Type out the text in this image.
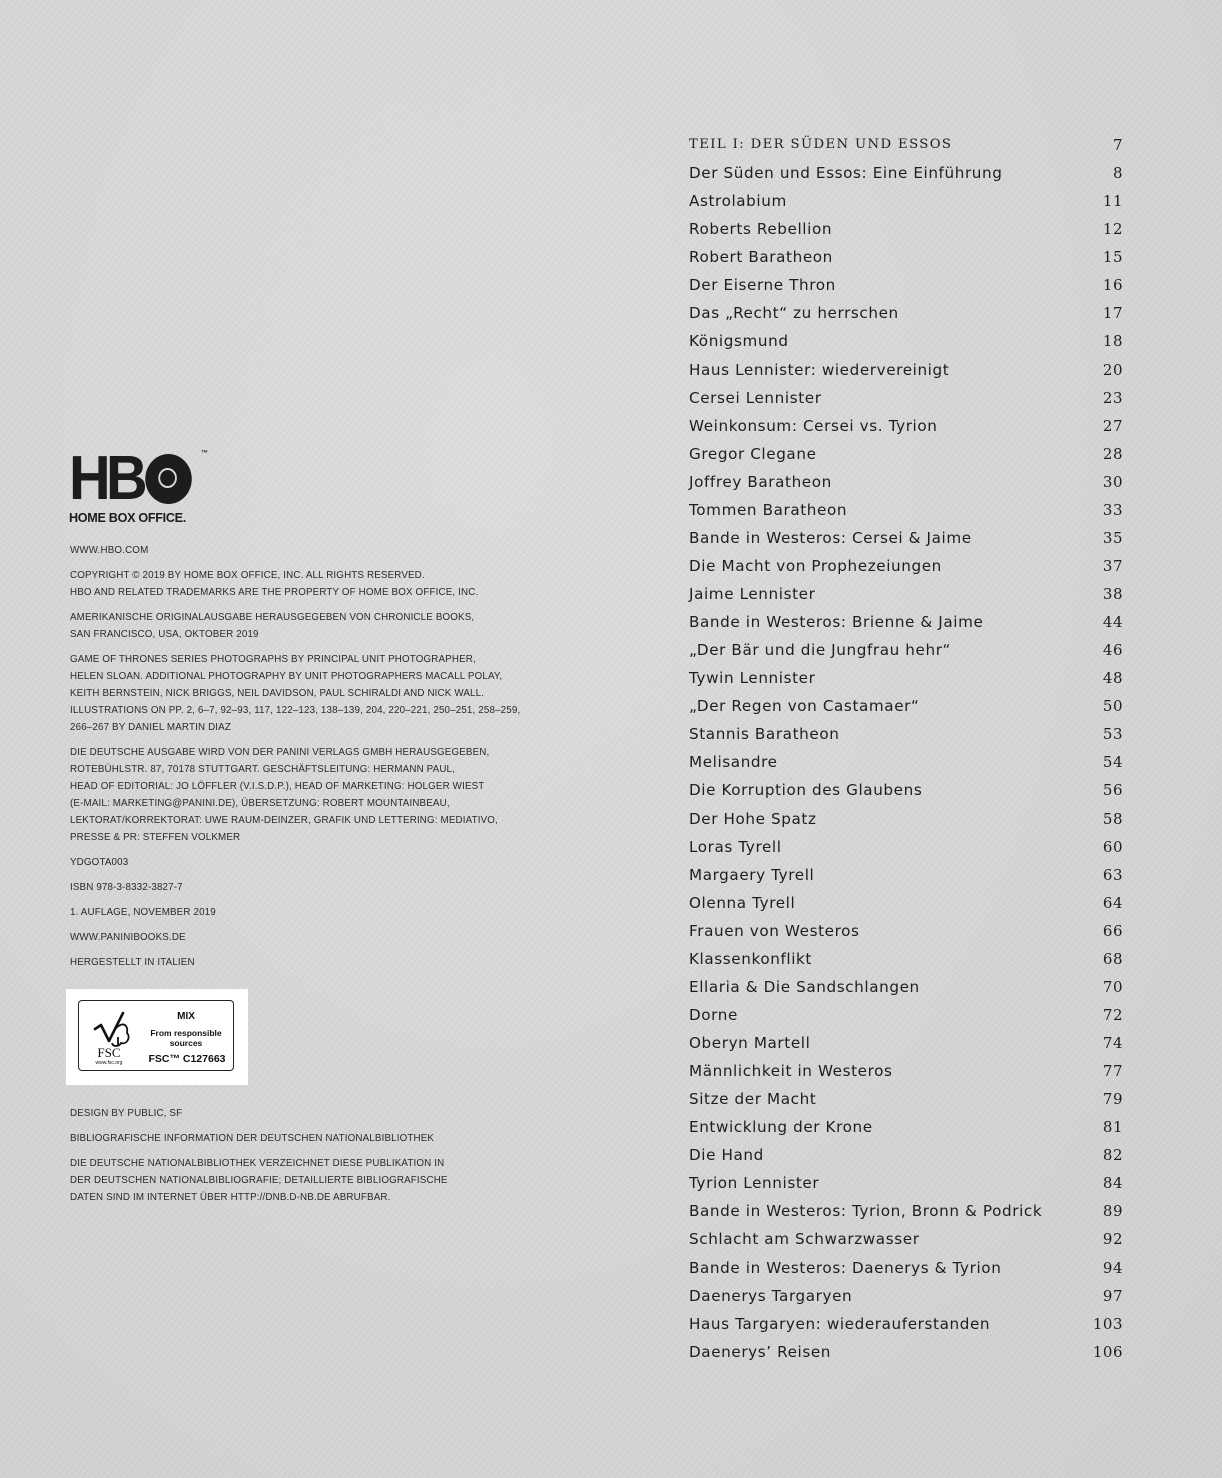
HB	™
HOME BOX OFFICE.

WWW.HBO.COM

COPYRIGHT © 2019 BY HOME BOX OFFICE, INC. ALL RIGHTS RESERVED.
HBO AND RELATED TRADEMARKS ARE THE PROPERTY OF HOME BOX OFFICE, INC.

AMERIKANISCHE ORIGINALAUSGABE HERAUSGEGEBEN VON CHRONICLE BOOKS,
SAN FRANCISCO, USA, OKTOBER 2019

GAME OF THRONES SERIES PHOTOGRAPHS BY PRINCIPAL UNIT PHOTOGRAPHER,
HELEN SLOAN. ADDITIONAL PHOTOGRAPHY BY UNIT PHOTOGRAPHERS MACALL POLAY,
KEITH BERNSTEIN, NICK BRIGGS, NEIL DAVIDSON, PAUL SCHIRALDI AND NICK WALL.
ILLUSTRATIONS ON PP. 2, 6–7, 92–93, 117, 122–123, 138–139, 204, 220–221, 250–251, 258–259,
266–267 BY DANIEL MARTIN DIAZ

DIE DEUTSCHE AUSGABE WIRD VON DER PANINI VERLAGS GMBH HERAUSGEGEBEN,
ROTEBÜHLSTR. 87, 70178 STUTTGART. GESCHÄFTSLEITUNG: HERMANN PAUL,
HEAD OF EDITORIAL: JO LÖFFLER (V.I.S.D.P.), HEAD OF MARKETING: HOLGER WIEST
(E-MAIL: MARKETING@PANINI.DE), ÜBERSETZUNG: ROBERT MOUNTAINBEAU,
LEKTORAT/KORREKTORAT: UWE RAUM-DEINZER, GRAFIK UND LETTERING: MEDIATIVO,
PRESSE & PR: STEFFEN VOLKMER

YDGOTA003

ISBN 978-3-8332-3827-7

1. AUFLAGE, NOVEMBER 2019

WWW.PANINIBOOKS.DE

HERGESTELLT IN ITALIEN

FSC
www.fsc.org
MIX
From responsible
sources
FSC™ C127663

DESIGN BY PUBLIC, SF

BIBLIOGRAFISCHE INFORMATION DER DEUTSCHEN NATIONALBIBLIOTHEK

DIE DEUTSCHE NATIONALBIBLIOTHEK VERZEICHNET DIESE PUBLIKATION IN
DER DEUTSCHEN NATIONALBIBLIOGRAFIE; DETAILLIERTE BIBLIOGRAFISCHE
DATEN SIND IM INTERNET ÜBER HTTP://DNB.D-NB.DE ABRUFBAR.

TEIL I: DER SÜDEN UND ESSOS	7
Der Süden und Essos: Eine Einführung	8
Astrolabium	11
Roberts Rebellion	12
Robert Baratheon	15
Der Eiserne Thron	16
Das „Recht“ zu herrschen	17
Königsmund	18
Haus Lennister: wiedervereinigt	20
Cersei Lennister	23
Weinkonsum: Cersei vs. Tyrion	27
Gregor Clegane	28
Joffrey Baratheon	30
Tommen Baratheon	33
Bande in Westeros: Cersei & Jaime	35
Die Macht von Prophezeiungen	37
Jaime Lennister	38
Bande in Westeros: Brienne & Jaime	44
„Der Bär und die Jungfrau hehr“	46
Tywin Lennister	48
„Der Regen von Castamaer“	50
Stannis Baratheon	53
Melisandre	54
Die Korruption des Glaubens	56
Der Hohe Spatz	58
Loras Tyrell	60
Margaery Tyrell	63
Olenna Tyrell	64
Frauen von Westeros	66
Klassenkonflikt	68
Ellaria & Die Sandschlangen	70
Dorne	72
Oberyn Martell	74
Männlichkeit in Westeros	77
Sitze der Macht	79
Entwicklung der Krone	81
Die Hand	82
Tyrion Lennister	84
Bande in Westeros: Tyrion, Bronn & Podrick	89
Schlacht am Schwarzwasser	92
Bande in Westeros: Daenerys & Tyrion	94
Daenerys Targaryen	97
Haus Targaryen: wiederauferstanden	103
Daenerys’ Reisen	106
